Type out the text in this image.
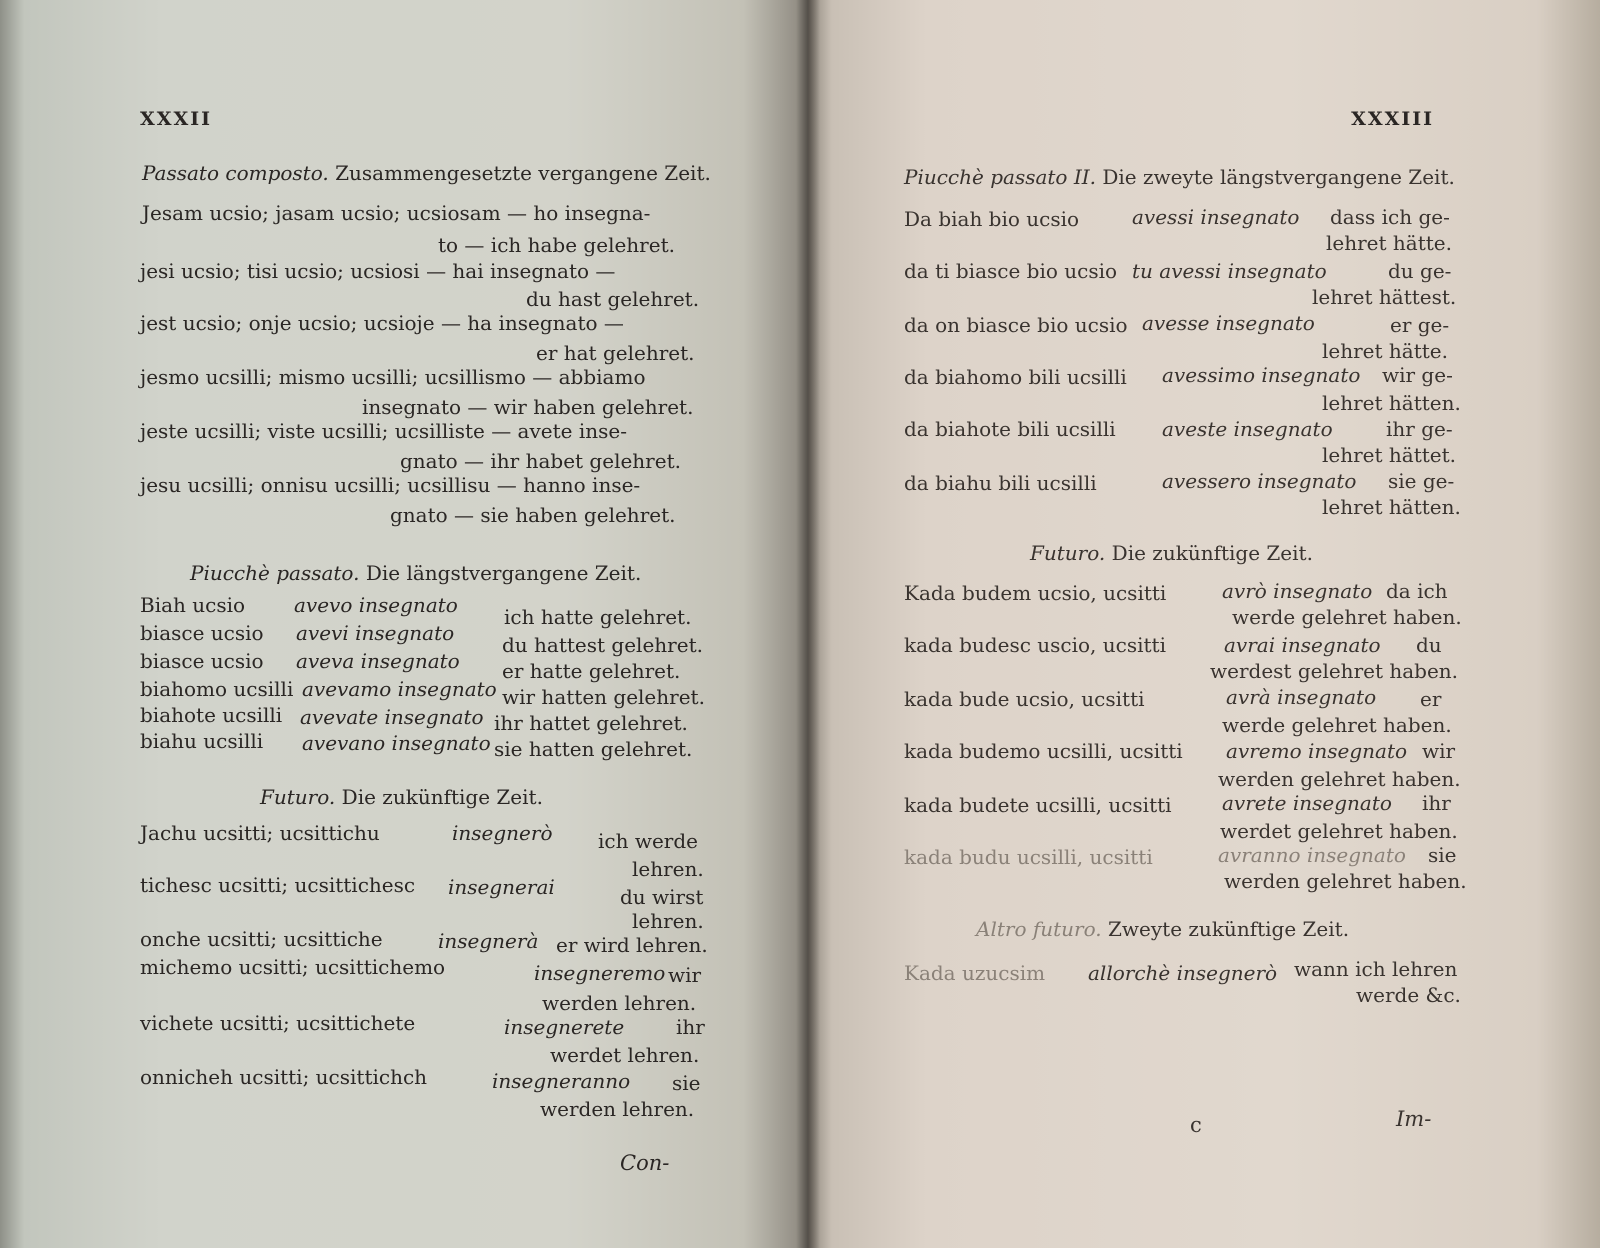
XXXII
Passato composto. Zusammengesetzte vergangene Zeit.
Jesam ucsio; jasam ucsio; ucsiosam — ho insegna-
to — ich habe gelehret.
jesi ucsio; tisi ucsio; ucsiosi — hai insegnato —
du hast gelehret.
jest ucsio; onje ucsio; ucsioje — ha insegnato —
er hat gelehret.
jesmo ucsilli; mismo ucsilli; ucsillismo — abbiamo
insegnato — wir haben gelehret.
jeste ucsilli; viste ucsilli; ucsilliste — avete inse-
gnato — ihr habet gelehret.
jesu ucsilli; onnisu ucsilli; ucsillisu — hanno inse-
gnato — sie haben gelehret.
Piucchè passato. Die längstvergangene Zeit.
Biah ucsio avevo insegnato ich hatte gelehret.
biasce ucsio avevi insegnato du hattest gelehret.
biasce ucsio aveva insegnato er hatte gelehret.
biahomo ucsilli avevamo insegnato wir hatten gelehret.
biahote ucsilli avevate insegnato ihr hattet gelehret.
biahu ucsilli avevano insegnato sie hatten gelehret.
Futuro. Die zukünftige Zeit.
Jachu ucsitti; ucsittichu	insegnerò ich werde
lehren.
tichesc ucsitti; ucsittichesc insegnerai	du wirst
lehren.
onche ucsitti; ucsittiche	insegnerà er wird lehren.
michemo ucsitti; ucsittichemo	insegneremo wir
werden lehren.
vichete ucsitti; ucsittichete	insegnerete	ihr
werdet lehren.
onnicheh ucsitti; ucsittichch	insegneranno sie
werden lehren.
Con-
XXXIII
Piucchè passato II. Die zweyte längstvergangene Zeit.
Da biah bio ucsio	avessi insegnato dass ich ge-
lehret hätte.
da ti biasce bio ucsio tu avessi insegnato	du ge-
lehret hättest.
da on biasce bio ucsio avesse insegnato	er ge-
lehret hätte.
da biahomo bili ucsilli avessimo insegnato wir ge-
lehret hätten.
da biahote bili ucsilli aveste insegnato	ihr ge-
lehret hättet.
da biahu bili ucsilli	avessero insegnato sie ge-
lehret hätten.
Futuro. Die zukünftige Zeit.
Kada budem ucsio, ucsitti	avrò insegnato da ich
werde gelehret haben.
kada budesc uscio, ucsitti	avrai insegnato du
werdest gelehret haben.
kada bude ucsio, ucsitti	avrà insegnato er
werde gelehret haben.
kada budemo ucsilli, ucsitti avremo insegnato wir
werden gelehret haben.
kada budete ucsilli, ucsitti	avrete insegnato ihr
werdet gelehret haben.
kada budu ucsilli, ucsitti	avranno insegnato sie
werden gelehret haben.
Altro futuro. Zweyte zukünftige Zeit.
Kada uzucsim allorchè insegnerò wann ich lehren
werde &c.
c	Im-
